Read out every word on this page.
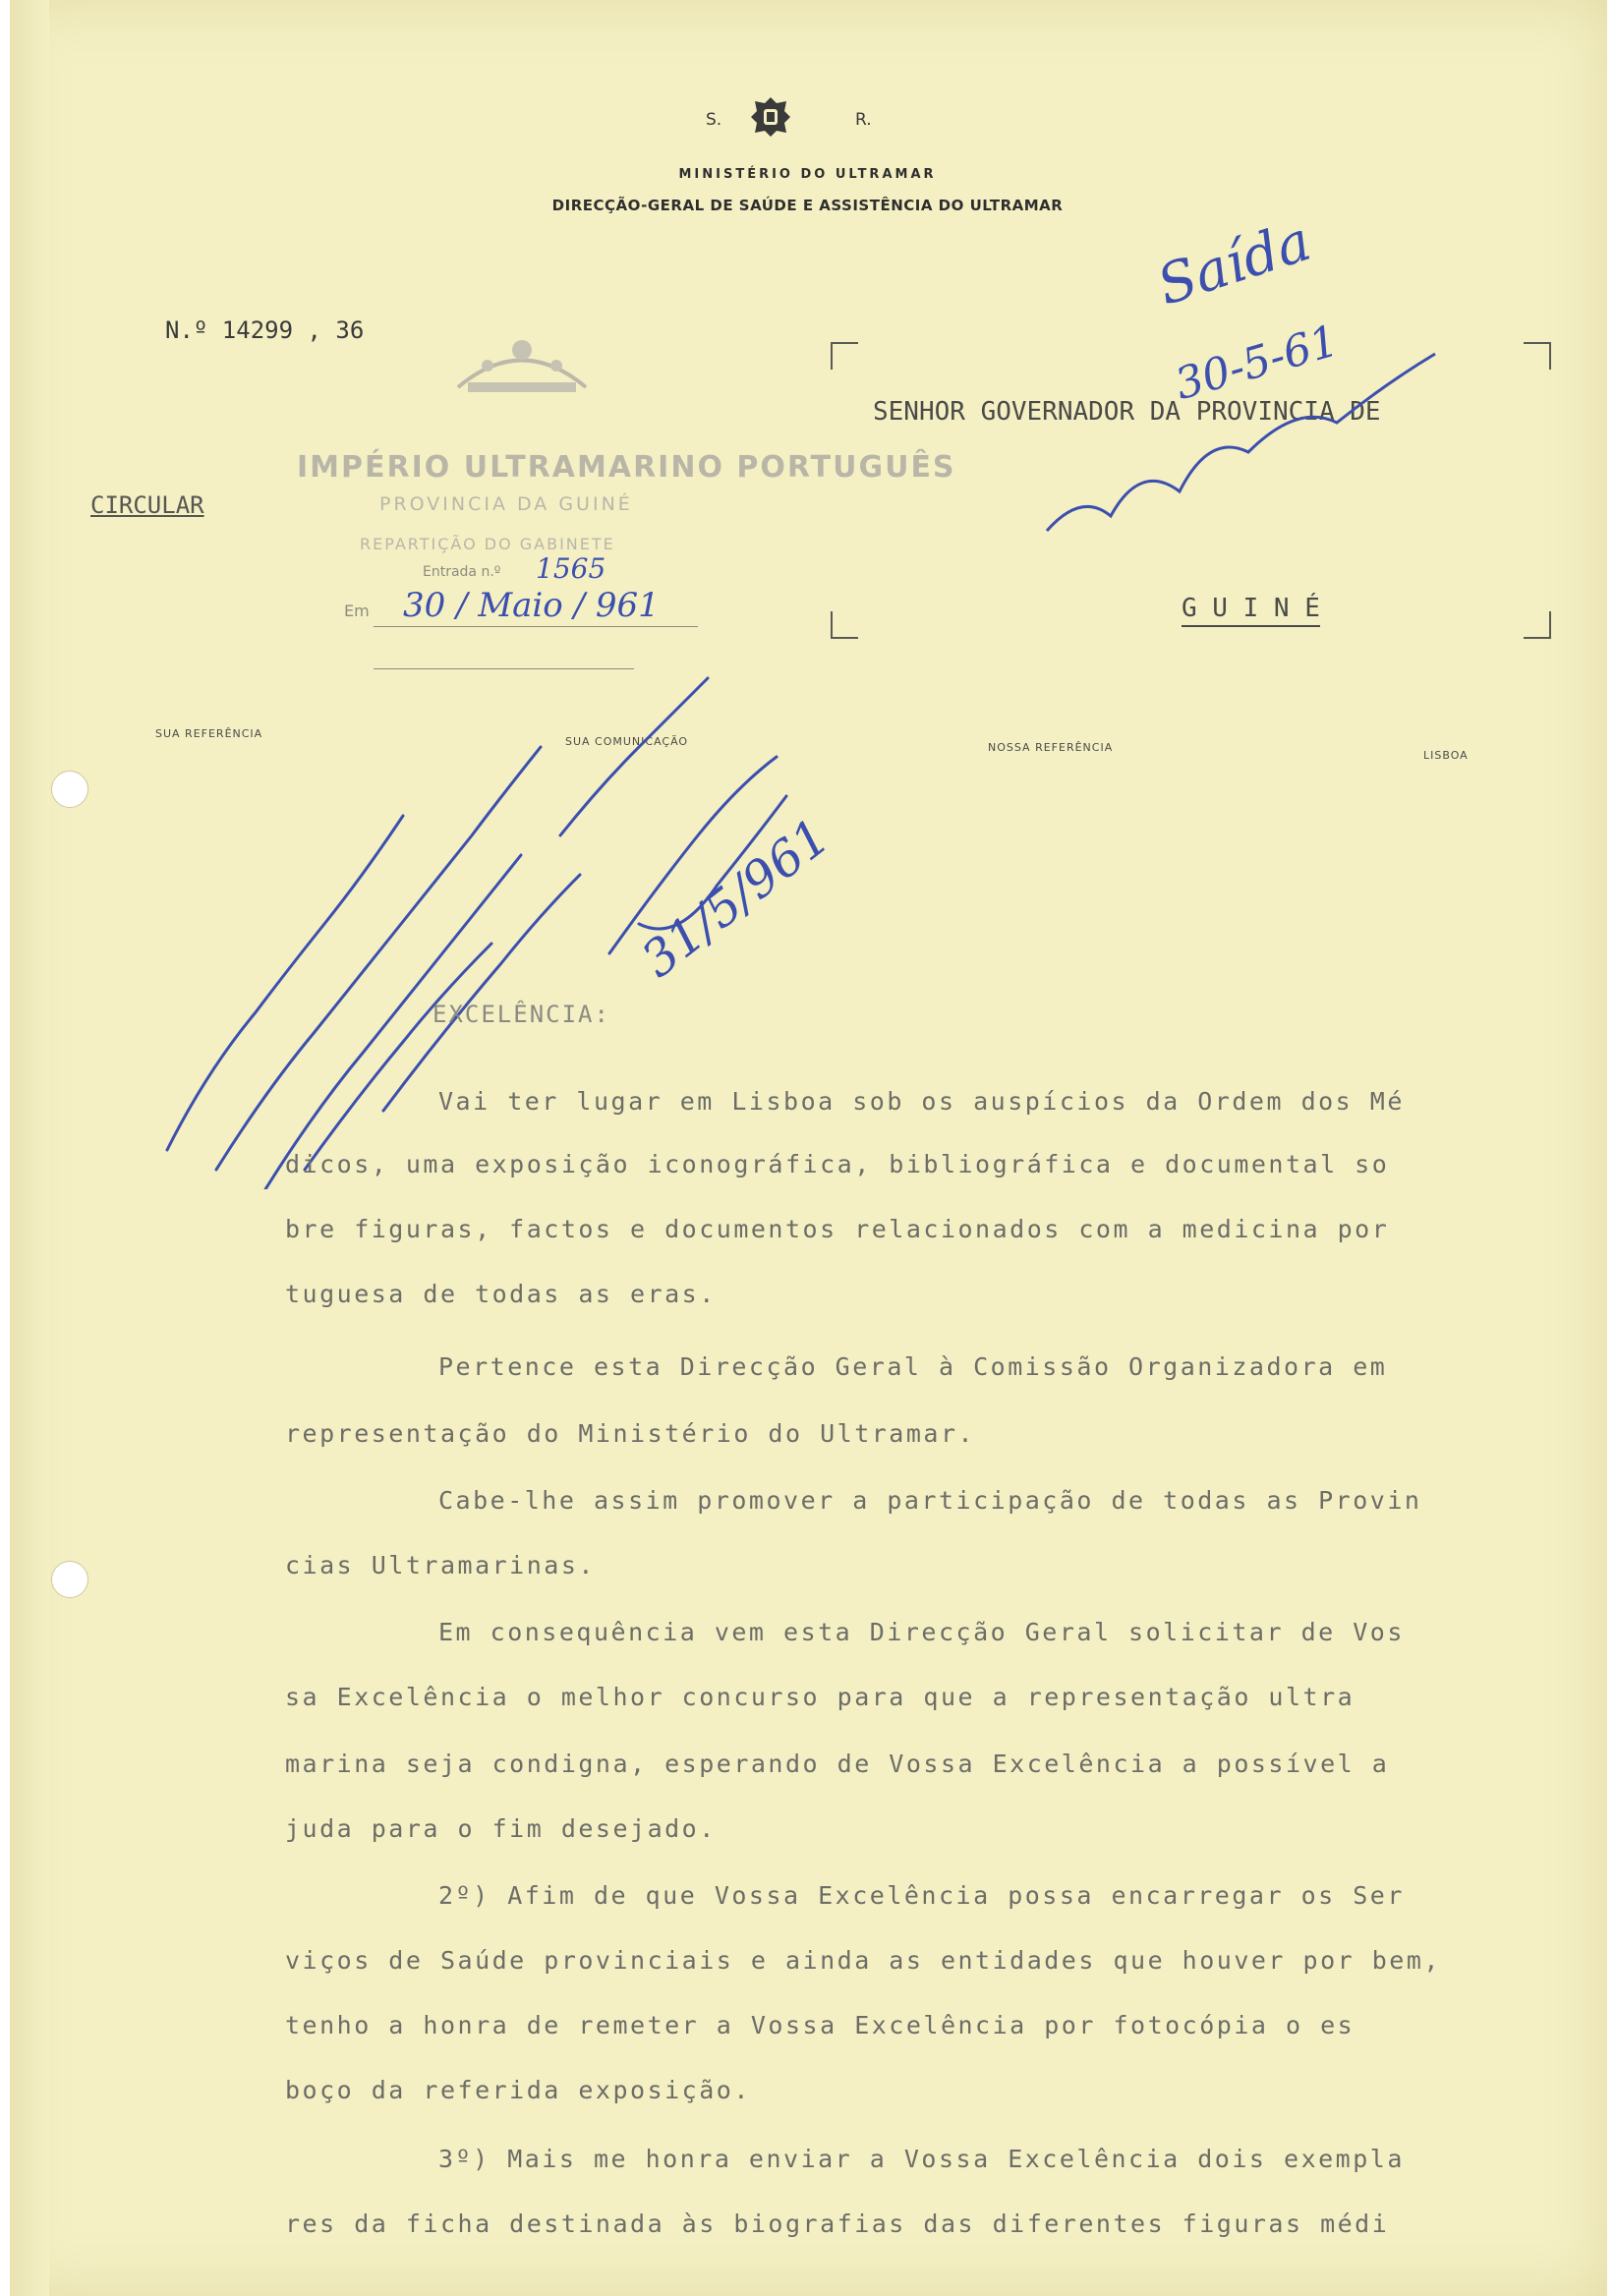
S.	R.
MINISTÉRIO DO ULTRAMAR
DIRECÇÃO-GERAL DE SAÚDE E ASSISTÊNCIA DO ULTRAMAR
N.º 14299 , 36
CIRCULAR
SENHOR GOVERNADOR DA PROVINCIA DE
G U I N É
IMPÉRIO ULTRAMARINO PORTUGUÊS
PROVINCIA DA GUINÉ
REPARTIÇÃO DO GABINETE
Entrada n.º 1565
Em 30 / Maio / 961
SUA REFERÊNCIA
SUA COMUNICAÇÃO	NOSSA REFERÊNCIA
LISBOA
Saída
30-5-61
31/5/961
EXCELÊNCIA:
Vai ter lugar em Lisboa sob os auspícios da Ordem dos Mé
dicos, uma exposição iconográfica, bibliográfica e documental so
bre figuras, factos e documentos relacionados com a medicina por
tuguesa de todas as eras.
Pertence esta Direcção Geral à Comissão Organizadora em
representação do Ministério do Ultramar.
Cabe-lhe assim promover a participação de todas as Provin
cias Ultramarinas.
Em consequência vem esta Direcção Geral solicitar de Vos
sa Excelência o melhor concurso para que a representação ultra
marina seja condigna, esperando de Vossa Excelência a possível a
juda para o fim desejado.
2º) Afim de que Vossa Excelência possa encarregar os Ser
viços de Saúde provinciais e ainda as entidades que houver por bem,
tenho a honra de remeter a Vossa Excelência por fotocópia o es
boço da referida exposição.
3º) Mais me honra enviar a Vossa Excelência dois exempla
res da ficha destinada às biografias das diferentes figuras médi
